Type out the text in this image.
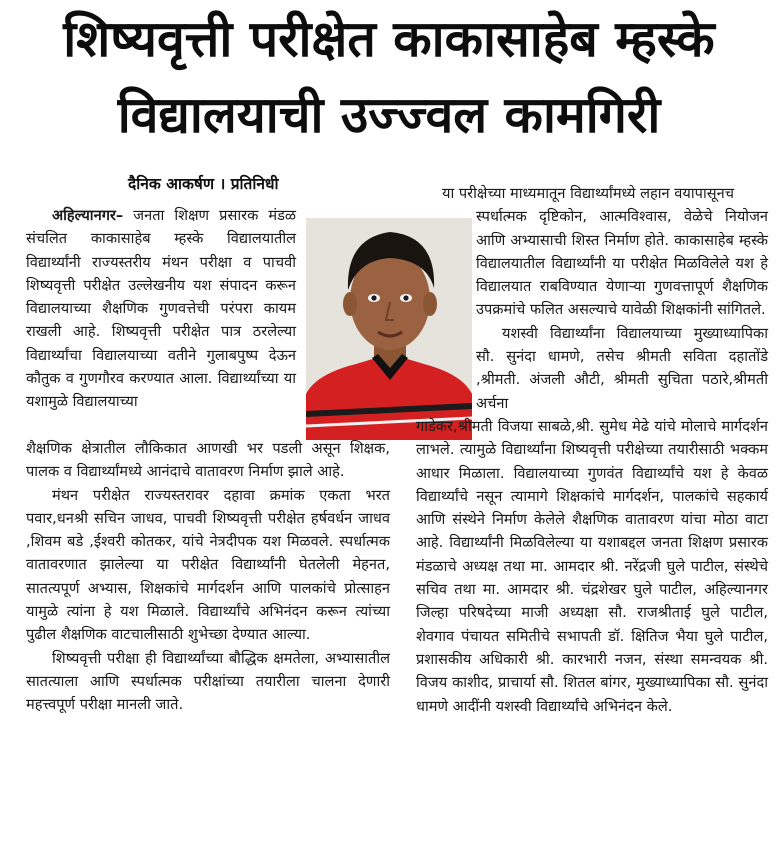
शिष्यवृत्ती परीक्षेत काकासाहेब म्हस्के
विद्यालयाची उज्ज्वल कामगिरी
दैनिक आकर्षण । प्रतिनिधी

अहिल्यानगर– जनता शिक्षण प्रसारक मंडळ संचलित काकासाहेब म्हस्के विद्यालयातील विद्यार्थ्यांनी राज्यस्तरीय मंथन परीक्षा व पाचवी शिष्यवृत्ती परीक्षेत उल्लेखनीय यश संपादन करून विद्यालयाच्या शैक्षणिक गुणवत्तेची परंपरा कायम राखली आहे. शिष्यवृत्ती परीक्षेत पात्र ठरलेल्या विद्यार्थ्यांचा विद्यालयाच्या वतीने गुलाबपुष्प देऊन कौतुक व गुणगौरव करण्यात आला. विद्यार्थ्यांच्या या यशामुळे विद्यालयाच्या

शैक्षणिक क्षेत्रातील लौकिकात आणखी भर पडली असून शिक्षक, पालक व विद्यार्थ्यांमध्ये आनंदाचे वातावरण निर्माण झाले आहे.

मंथन परीक्षेत राज्यस्तरावर दहावा क्रमांक एकता भरत पवार,धनश्री सचिन जाधव, पाचवी शिष्यवृत्ती परीक्षेत हर्षवर्धन जाधव ,शिवम बडे ,ईश्वरी कोतकर, यांचे नेत्रदीपक यश मिळवले. स्पर्धात्मक वातावरणात झालेल्या या परीक्षेत विद्यार्थ्यांनी घेतलेली मेहनत, सातत्यपूर्ण अभ्यास, शिक्षकांचे मार्गदर्शन आणि पालकांचे प्रोत्साहन यामुळे त्यांना हे यश मिळाले. विद्यार्थ्यांचे अभिनंदन करून त्यांच्या पुढील शैक्षणिक वाटचालीसाठी शुभेच्छा देण्यात आल्या.

शिष्यवृत्ती परीक्षा ही विद्यार्थ्यांच्या बौद्धिक क्षमतेला, अभ्यासातील सातत्याला आणि स्पर्धात्मक परीक्षांच्या तयारीला चालना देणारी महत्त्वपूर्ण परीक्षा मानली जाते.

या परीक्षेच्या माध्यमातून विद्यार्थ्यांमध्ये लहान वयापासूनच

स्पर्धात्मक दृष्टिकोन, आत्मविश्वास, वेळेचे नियोजन आणि अभ्यासाची शिस्त निर्माण होते. काकासाहेब म्हस्के विद्यालयातील विद्यार्थ्यांनी या परीक्षेत मिळविलेले यश हे विद्यालयात राबविण्यात येणाऱ्या गुणवत्तापूर्ण शैक्षणिक उपक्रमांचे फलित असल्याचे यावेळी शिक्षकांनी सांगितले.

यशस्वी विद्यार्थ्यांना विद्यालयाच्या मुख्याध्यापिका सौ. सुनंदा धामणे, तसेच श्रीमती सविता दहातोंडे ,श्रीमती. अंजली औटी, श्रीमती सुचिता पठारे,श्रीमती अर्चना

गाडेकर,श्रीमती विजया साबळे,श्री. सुमेध मेढे यांचे मोलाचे मार्गदर्शन लाभले. त्यामुळे विद्यार्थ्यांना शिष्यवृत्ती परीक्षेच्या तयारीसाठी भक्कम आधार मिळाला. विद्यालयाच्या गुणवंत विद्यार्थ्यांचे यश हे केवळ विद्यार्थ्यांचे नसून त्यामागे शिक्षकांचे मार्गदर्शन, पालकांचे सहकार्य आणि संस्थेने निर्माण केलेले शैक्षणिक वातावरण यांचा मोठा वाटा आहे. विद्यार्थ्यांनी मिळविलेल्या या यशाबद्दल जनता शिक्षण प्रसारक मंडळाचे अध्यक्ष तथा मा. आमदार श्री. नरेंद्रजी घुले पाटील, संस्थेचे सचिव तथा मा. आमदार श्री. चंद्रशेखर घुले पाटील, अहिल्यानगर जिल्हा परिषदेच्या माजी अध्यक्षा सौ. राजश्रीताई घुले पाटील, शेवगाव पंचायत समितीचे सभापती डॉ. क्षितिज भैया घुले पाटील, प्रशासकीय अधिकारी श्री. कारभारी नजन, संस्था समन्वयक श्री. विजय काशीद, प्राचार्या सौ. शितल बांगर, मुख्याध्यापिका सौ. सुनंदा धामणे आदींनी यशस्वी विद्यार्थ्यांचे अभिनंदन केले.
